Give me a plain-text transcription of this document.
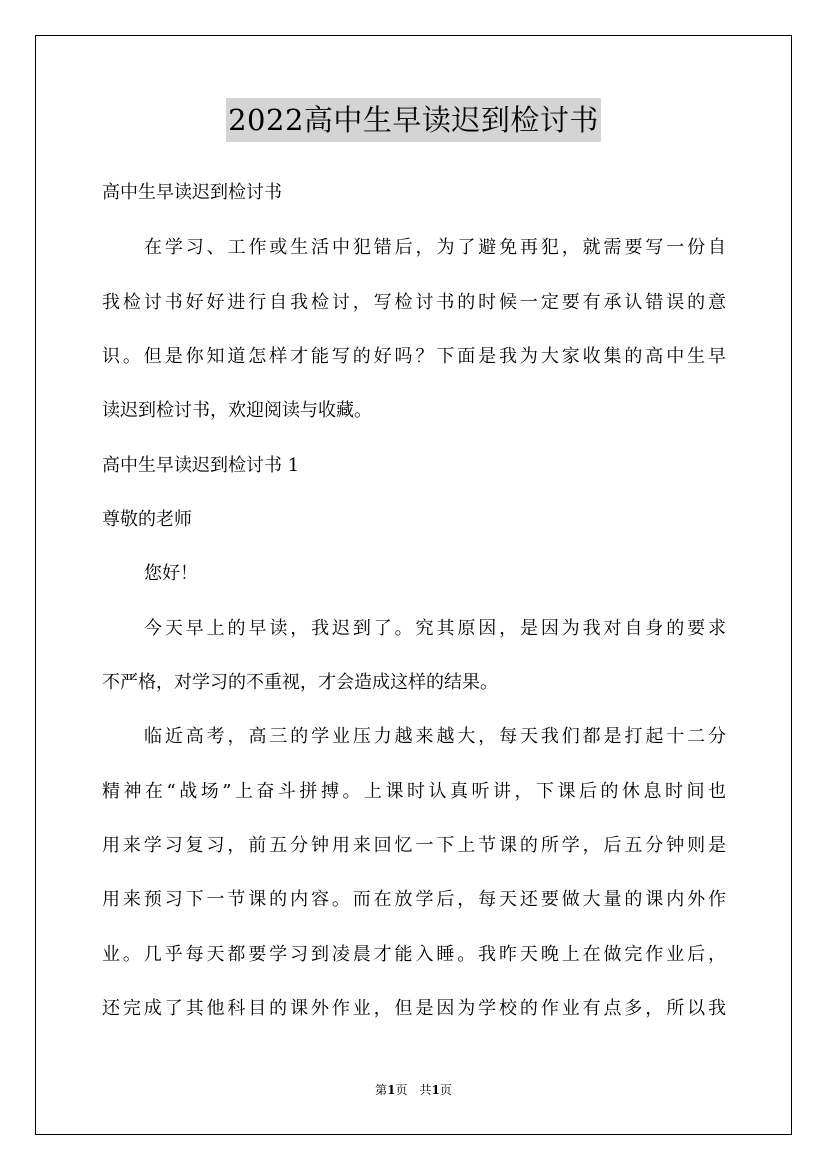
2022高中生早读迟到检讨书
高中生早读迟到检讨书
在学习、工作或生活中犯错后，为了避免再犯，就需要写一份自
我检讨书好好进行自我检讨，写检讨书的时候一定要有承认错误的意
识。但是你知道怎样才能写的好吗？下面是我为大家收集的高中生早
读迟到检讨书，欢迎阅读与收藏。
高中生早读迟到检讨书 1
尊敬的老师
您好！
今天早上的早读，我迟到了。究其原因，是因为我对自身的要求
不严格，对学习的不重视，才会造成这样的结果。
临近高考，高三的学业压力越来越大，每天我们都是打起十二分
精神在“战场”上奋斗拼搏。上课时认真听讲，下课后的休息时间也
用来学习复习，前五分钟用来回忆一下上节课的所学，后五分钟则是
用来预习下一节课的内容。而在放学后，每天还要做大量的课内外作
业。几乎每天都要学习到凌晨才能入睡。我昨天晚上在做完作业后，
还完成了其他科目的课外作业，但是因为学校的作业有点多，所以我
第1页　共1页
